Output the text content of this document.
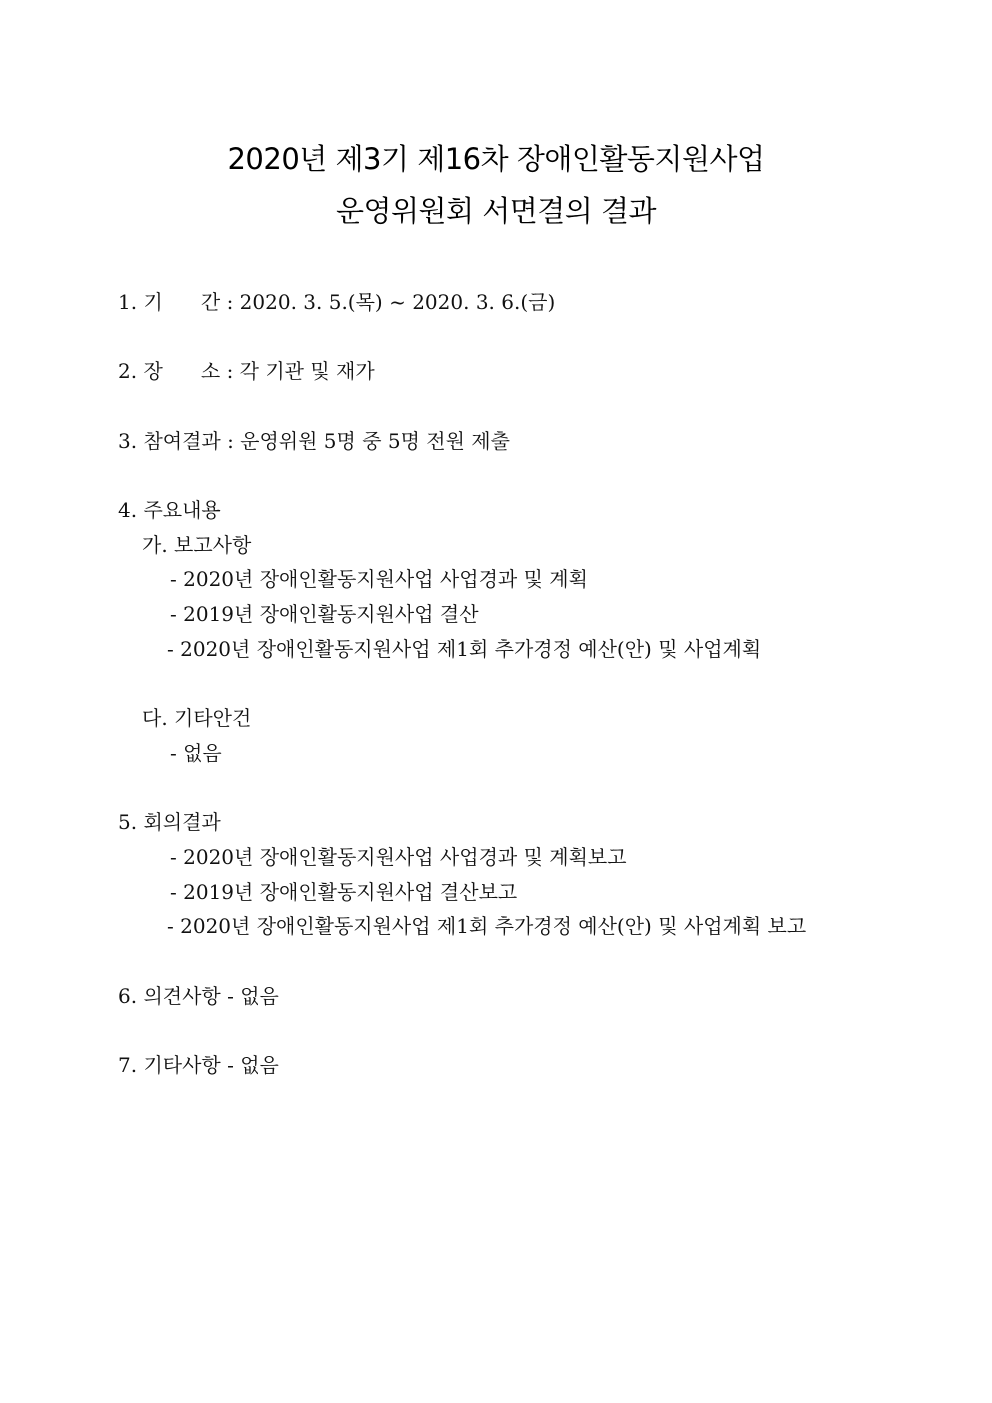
2020년 제3기 제16차 장애인활동지원사업
운영위원회 서면결의 결과
1. 기      간 : 2020. 3. 5.(목) ~ 2020. 3. 6.(금)
2. 장      소 : 각 기관 및 재가
3. 참여결과 : 운영위원 5명 중 5명 전원 제출
4. 주요내용
가. 보고사항
- 2020년 장애인활동지원사업 사업경과 및 계획
- 2019년 장애인활동지원사업 결산
- 2020년 장애인활동지원사업 제1회 추가경정 예산(안) 및 사업계획
다. 기타안건
- 없음
5. 회의결과
- 2020년 장애인활동지원사업 사업경과 및 계획보고
- 2019년 장애인활동지원사업 결산보고
- 2020년 장애인활동지원사업 제1회 추가경정 예산(안) 및 사업계획 보고
6. 의견사항 - 없음
7. 기타사항 - 없음
